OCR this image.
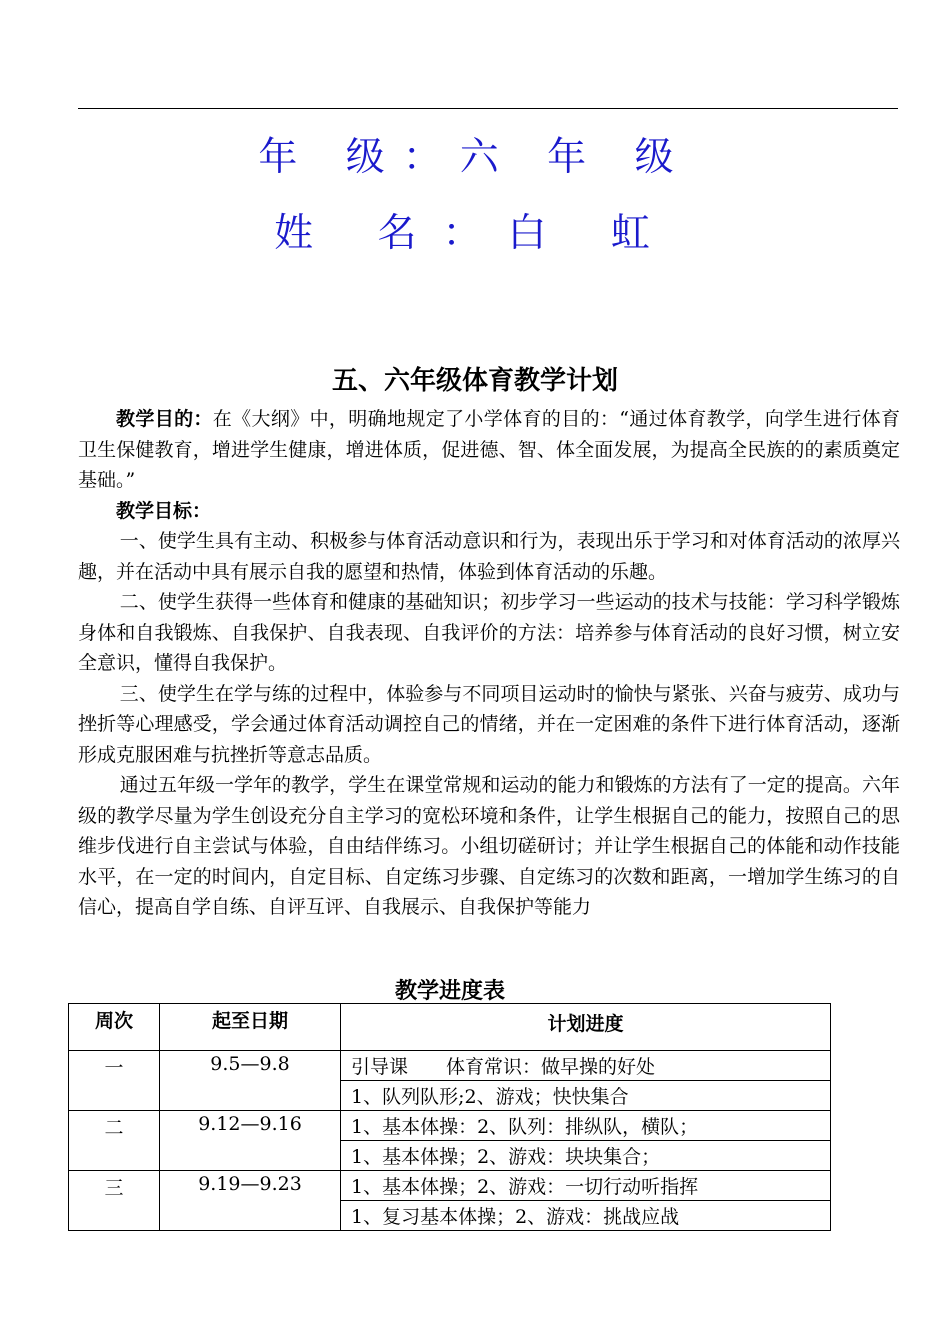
年 级：六 年 级
姓 名：白 虹
五、六年级体育教学计划

教学目的：在《大纲》中，明确地规定了小学体育的目的：“通过体育教学，向学生进行体育卫生保健教育，增进学生健康，增进体质，促进德、智、体全面发展，为提高全民族的的素质奠定基础。”

教学目标：

一、使学生具有主动、积极参与体育活动意识和行为，表现出乐于学习和对体育活动的浓厚兴趣，并在活动中具有展示自我的愿望和热情，体验到体育活动的乐趣。

二、使学生获得一些体育和健康的基础知识；初步学习一些运动的技术与技能：学习科学锻炼身体和自我锻炼、自我保护、自我表现、自我评价的方法：培养参与体育活动的良好习惯，树立安全意识，懂得自我保护。

三、使学生在学与练的过程中，体验参与不同项目运动时的愉快与紧张、兴奋与疲劳、成功与挫折等心理感受，学会通过体育活动调控自己的情绪，并在一定困难的条件下进行体育活动，逐渐形成克服困难与抗挫折等意志品质。

通过五年级一学年的教学，学生在课堂常规和运动的能力和锻炼的方法有了一定的提高。六年级的教学尽量为学生创设充分自主学习的宽松环境和条件，让学生根据自己的能力，按照自己的思维步伐进行自主尝试与体验，自由结伴练习。小组切磋研讨；并让学生根据自己的体能和动作技能水平，在一定的时间内，自定目标、自定练习步骤、自定练习的次数和距离，一增加学生练习的自信心，提高自学自练、自评互评、自我展示、自我保护等能力

教学进度表
周次	起至日期	计划进度
一	9.5—9.8	引导课　　体育常识：做早操的好处
		1、队列队形;2、游戏；快快集合
二	9.12—9.16	1、基本体操：2、队列：排纵队，横队；
		1、基本体操；2、游戏：块块集合；
三	9.19—9.23	1、基本体操；2、游戏：一切行动听指挥
		1、复习基本体操；2、游戏：挑战应战
